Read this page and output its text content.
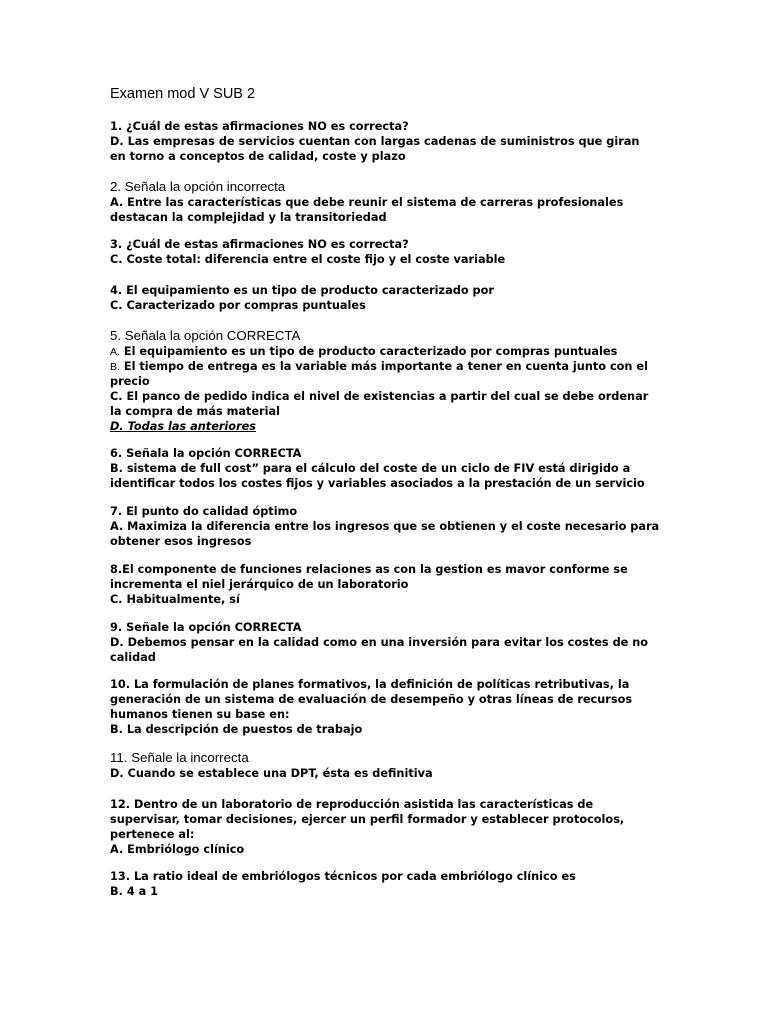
Examen mod V SUB 2
1. ¿Cuál de estas afirmaciones NO es correcta?
D. Las empresas de servicios cuentan con largas cadenas de suministros que giran
en torno a conceptos de calidad, coste y plazo
2. Señala la opción incorrecta
A. Entre las características que debe reunir el sistema de carreras profesionales
destacan la complejidad y la transitoriedad
3. ¿Cuál de estas afirmaciones NO es correcta?
C. Coste total: diferencia entre el coste fijo y el coste variable
4. El equipamiento es un tipo de producto caracterizado por
C. Caracterizado por compras puntuales
5. Señala la opción CORRECTA
A. El equipamiento es un tipo de producto caracterizado por compras puntuales
B. El tiempo de entrega es la variable más importante a tener en cuenta junto con el
precio
C. El panco de pedido indica el nivel de existencias a partir del cual se debe ordenar
la compra de más material
D. Todas las anteriores
6. Señala la opción CORRECTA
B. sistema de full cost” para el cálculo del coste de un ciclo de FIV está dirigido a
identificar todos los costes fijos y variables asociados a la prestación de un servicio
7. El punto do calidad óptimo
A. Maximiza la diferencia entre los ingresos que se obtienen y el coste necesario para
obtener esos ingresos
8.El componente de funciones relaciones as con la gestion es mavor conforme se
incrementa el niel jerárquico de un laboratorio
C. Habitualmente, sí
9. Señale la opción CORRECTA
D. Debemos pensar en la calidad como en una inversión para evitar los costes de no
calidad
10. La formulación de planes formativos, la definición de políticas retributivas, la
generación de un sistema de evaluación de desempeño y otras líneas de recursos
humanos tienen su base en:
B. La descripción de puestos de trabajo
11. Señale la incorrecta
D. Cuando se establece una DPT, ésta es definitiva
12. Dentro de un laboratorio de reproducción asistida las características de
supervisar, tomar decisiones, ejercer un perfil formador y establecer protocolos,
pertenece al:
A. Embriólogo clínico
13. La ratio ideal de embriólogos técnicos por cada embriólogo clínico es
B. 4 a 1
